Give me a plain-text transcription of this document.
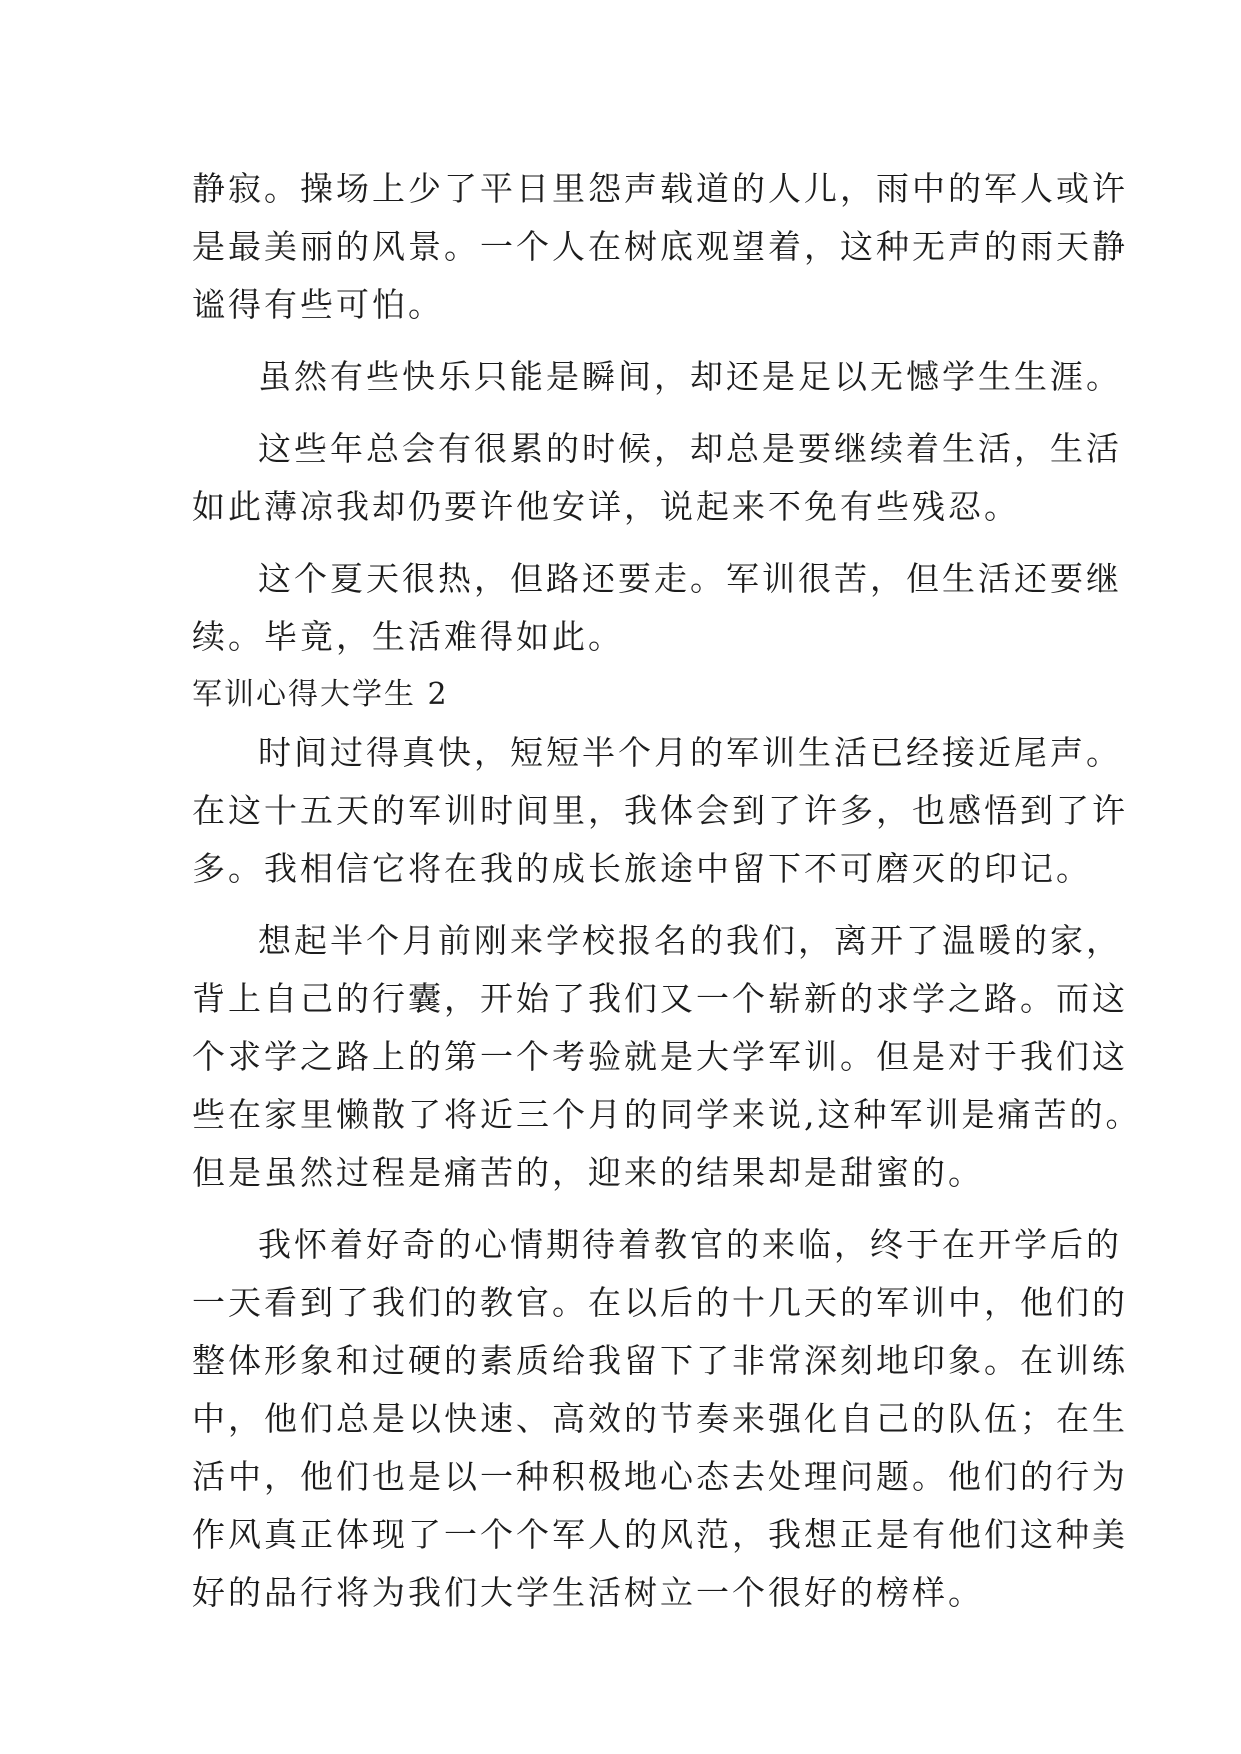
静寂。操场上少了平日里怨声载道的人儿，雨中的军人或许
是最美丽的风景。一个人在树底观望着，这种无声的雨天静
谧得有些可怕。

虽然有些快乐只能是瞬间，却还是足以无憾学生生涯。

这些年总会有很累的时候，却总是要继续着生活，生活
如此薄凉我却仍要许他安详，说起来不免有些残忍。

这个夏天很热，但路还要走。军训很苦，但生活还要继
续。毕竟，生活难得如此。

军训心得大学生 2

时间过得真快，短短半个月的军训生活已经接近尾声。
在这十五天的军训时间里，我体会到了许多，也感悟到了许
多。我相信它将在我的成长旅途中留下不可磨灭的印记。

想起半个月前刚来学校报名的我们，离开了温暖的家，
背上自己的行囊，开始了我们又一个崭新的求学之路。而这
个求学之路上的第一个考验就是大学军训。但是对于我们这
些在家里懒散了将近三个月的同学来说,这种军训是痛苦的。
但是虽然过程是痛苦的，迎来的结果却是甜蜜的。

我怀着好奇的心情期待着教官的来临，终于在开学后的
一天看到了我们的教官。在以后的十几天的军训中，他们的
整体形象和过硬的素质给我留下了非常深刻地印象。在训练
中，他们总是以快速、高效的节奏来强化自己的队伍；在生
活中，他们也是以一种积极地心态去处理问题。他们的行为
作风真正体现了一个个军人的风范，我想正是有他们这种美
好的品行将为我们大学生活树立一个很好的榜样。
